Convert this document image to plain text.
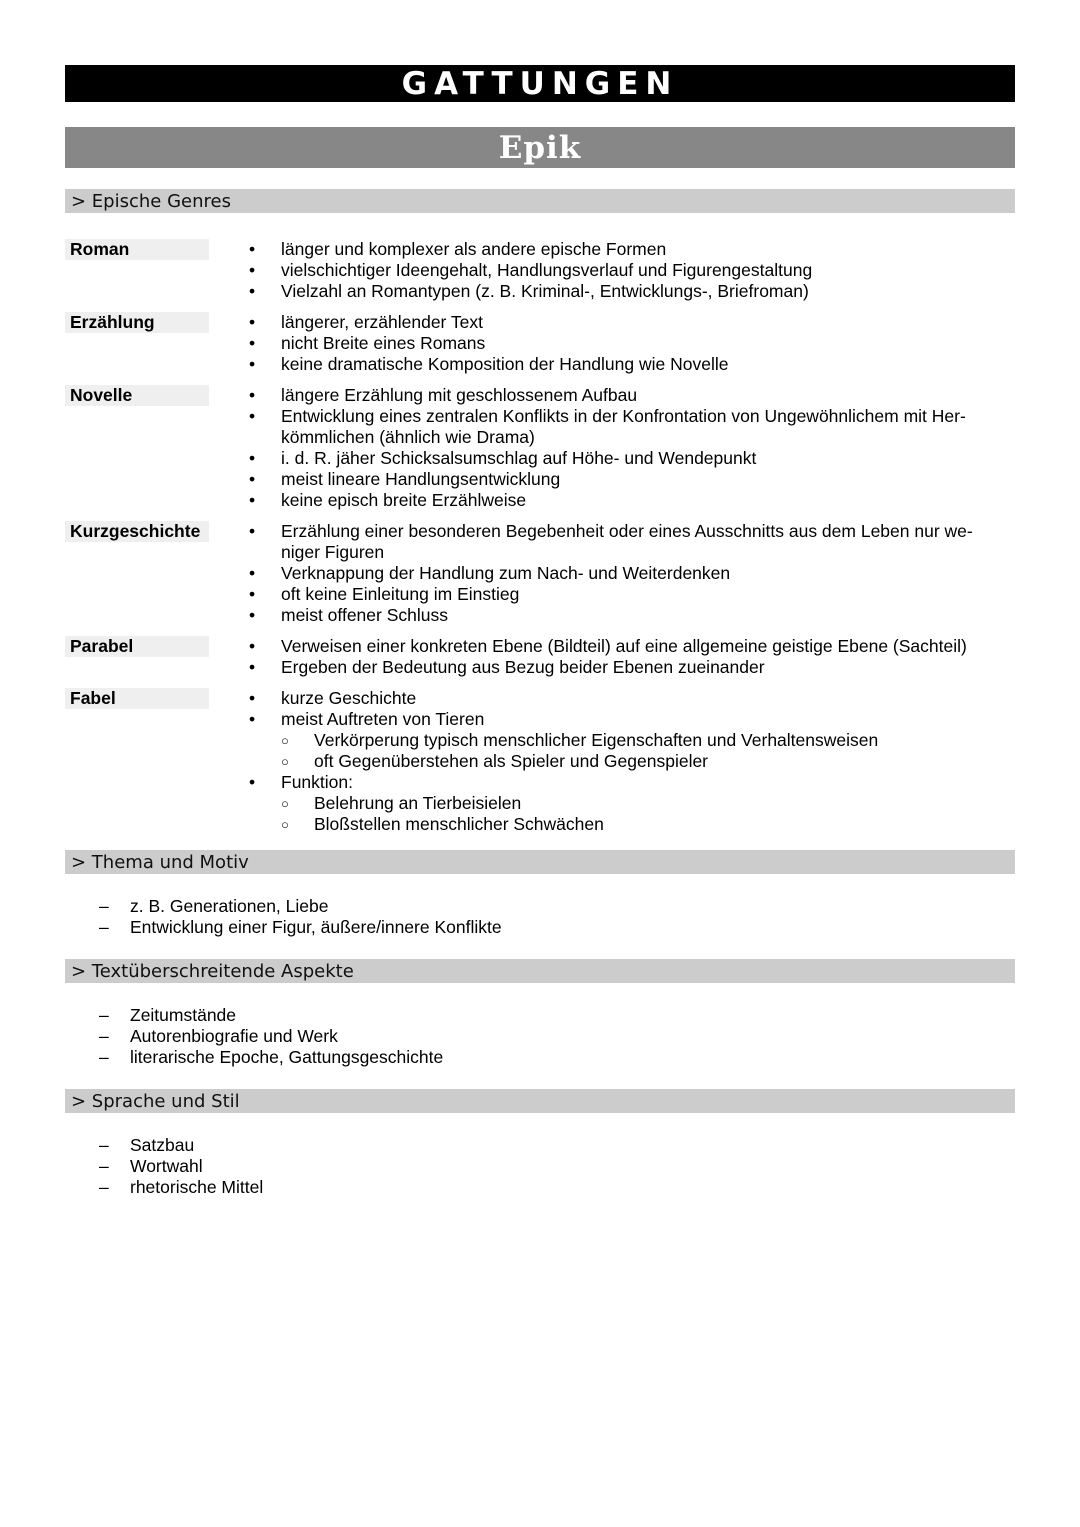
GATTUNGEN
Epik
> Epische Genres
Roman	•	länger und komplexer als andere epische Formen
•	vielschichtiger Ideengehalt, Handlungsverlauf und Figurengestaltung
•	Vielzahl an Romantypen (z. B. Kriminal-, Entwicklungs-, Briefroman)
Erzählung	•	längerer, erzählender Text
•	nicht Breite eines Romans
•	keine dramatische Komposition der Handlung wie Novelle
Novelle	•	längere Erzählung mit geschlossenem Aufbau
•	Entwicklung eines zentralen Konflikts in der Konfrontation von Ungewöhnlichem mit Her-
kömmlichen (ähnlich wie Drama)
•	i. d. R. jäher Schicksalsumschlag auf Höhe- und Wendepunkt
•	meist lineare Handlungsentwicklung
•	keine episch breite Erzählweise
Kurzgeschichte	•	Erzählung einer besonderen Begebenheit oder eines Ausschnitts aus dem Leben nur we-
niger Figuren
•	Verknappung der Handlung zum Nach- und Weiterdenken
•	oft keine Einleitung im Einstieg
•	meist offener Schluss
Parabel	•	Verweisen einer konkreten Ebene (Bildteil) auf eine allgemeine geistige Ebene (Sachteil)
•	Ergeben der Bedeutung aus Bezug beider Ebenen zueinander
Fabel	•	kurze Geschichte
•	meist Auftreten von Tieren
○	Verkörperung typisch menschlicher Eigenschaften und Verhaltensweisen
○	oft Gegenüberstehen als Spieler und Gegenspieler
•	Funktion:
○	Belehrung an Tierbeisielen
○	Bloßstellen menschlicher Schwächen
> Thema und Motiv
–	z. B. Generationen, Liebe
–	Entwicklung einer Figur, äußere/innere Konflikte
> Textüberschreitende Aspekte
–	Zeitumstände
–	Autorenbiografie und Werk
–	literarische Epoche, Gattungsgeschichte
> Sprache und Stil
–	Satzbau
–	Wortwahl
–	rhetorische Mittel
